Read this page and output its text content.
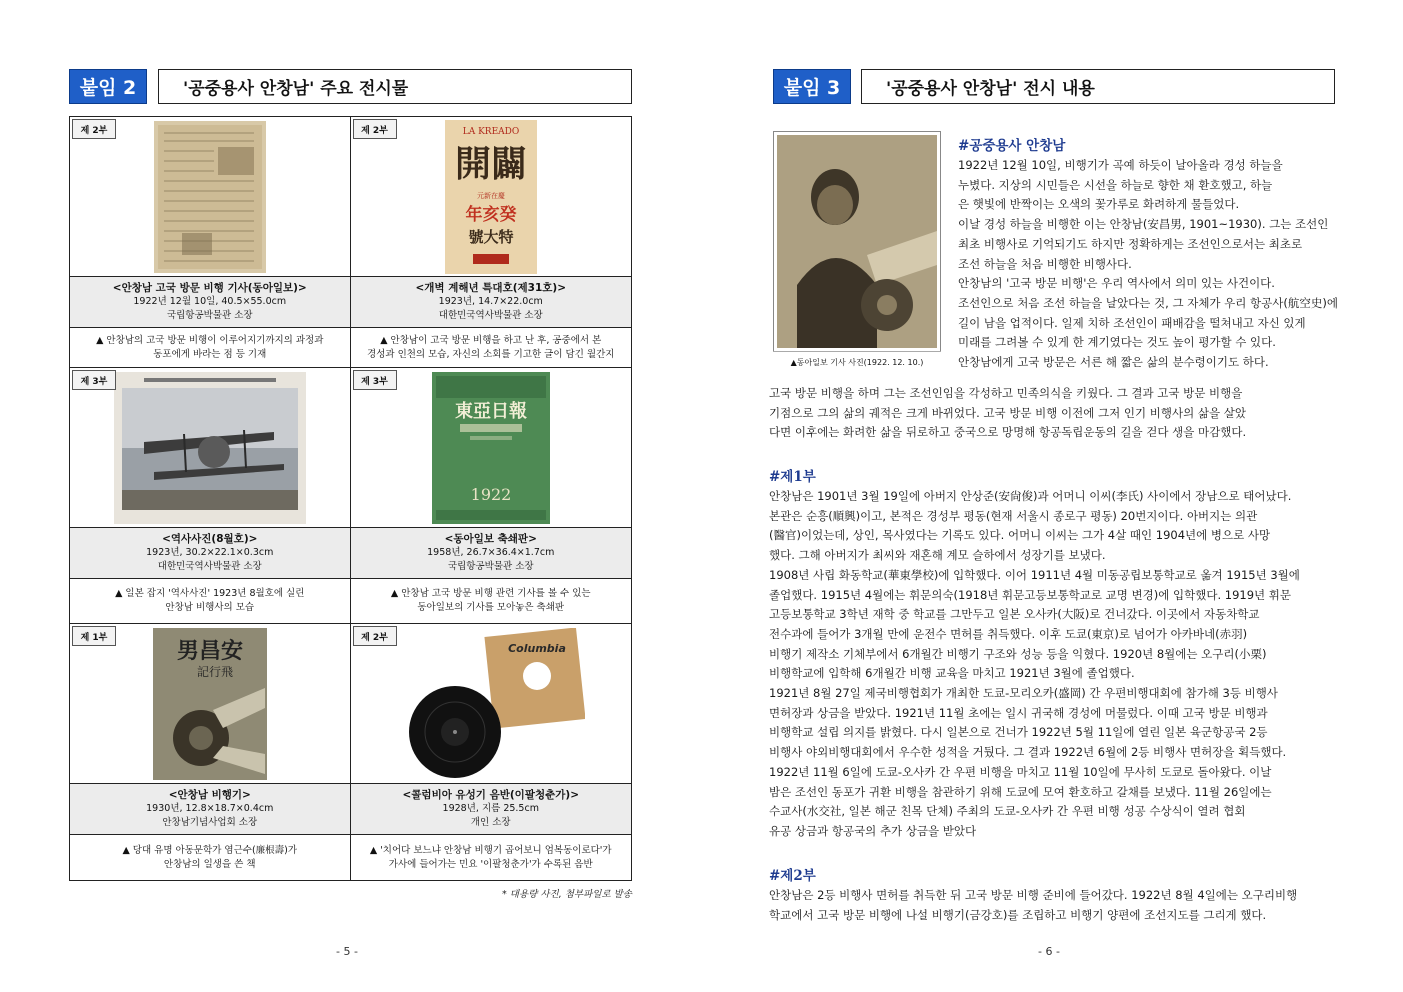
붙임 2	'공중용사 안창남' 주요 전시물
제 2부
<안창남 고국 방문 비행 기사(동아일보)>
1922년 12월 10일, 40.5×55.0cm
국립항공박물관 소장
▲ 안창남의 고국 방문 비행이 이루어지기까지의 과정과
동포에게 바라는 점 등 기재
제 2부	LA KREADO
開闢
元新在慶
年亥癸
號大特
<개벽 계해년 특대호(제31호)>
1923년, 14.7×22.0cm
대한민국역사박물관 소장
▲ 안창남이 고국 방문 비행을 하고 난 후, 공중에서 본
경성과 인천의 모습, 자신의 소회를 기고한 글이 담긴 월간지
제 3부
<역사사진(8월호)>
1923년, 30.2×22.1×0.3cm
대한민국역사박물관 소장
▲ 일본 잡지 '역사사진' 1923년 8월호에 실린
안창남 비행사의 모습
제 3부
東亞日報
1922
<동아일보 축쇄판>
1958년, 26.7×36.4×1.7cm
국립항공박물관 소장
▲ 안창남 고국 방문 비행 관련 기사를 볼 수 있는
동아일보의 기사를 모아놓은 축쇄판
제 1부	男昌安
記行飛
<안창남 비행기>
1930년, 12.8×18.7×0.4cm
안창남기념사업회 소장
▲ 당대 유명 아동문학가 염근수(廉根壽)가
안창남의 일생을 쓴 책
제 2부
Columbia
<콜럼비아 유성기 음반(이팔청춘가)>
1928년, 지름 25.5cm
개인 소장
▲ '치어다 보느냐 안창남 비행기 곱어보니 엄복동이로다'가
가사에 들어가는 민요 '이팔청춘가'가 수록된 음반
* 대용량 사진, 첨부파일로 발송
- 5 -
붙임 3	'공중용사 안창남' 전시 내용
▲동아일보 기사 사진(1922. 12. 10.)
#공중용사 안창남
1922년 12월 10일, 비행기가 곡예 하듯이 날아올라 경성 하늘을
누볐다. 지상의 시민들은 시선을 하늘로 향한 채 환호했고, 하늘
은 햇빛에 반짝이는 오색의 꽃가루로 화려하게 물들었다.
이날 경성 하늘을 비행한 이는 안창남(安昌男, 1901~1930). 그는 조선인
최초 비행사로 기억되기도 하지만 정확하게는 조선인으로서는 최초로
조선 하늘을 처음 비행한 비행사다.
안창남의 '고국 방문 비행'은 우리 역사에서 의미 있는 사건이다.
조선인으로 처음 조선 하늘을 날았다는 것, 그 자체가 우리 항공사(航空史)에
길이 남을 업적이다. 일제 치하 조선인이 패배감을 떨쳐내고 자신 있게
미래를 그려볼 수 있게 한 계기였다는 것도 높이 평가할 수 있다.
안창남에게 고국 방문은 서른 해 짧은 삶의 분수령이기도 하다.
고국 방문 비행을 하며 그는 조선인임을 각성하고 민족의식을 키웠다. 그 결과 고국 방문 비행을
기점으로 그의 삶의 궤적은 크게 바뀌었다. 고국 방문 비행 이전에 그저 인기 비행사의 삶을 살았
다면 이후에는 화려한 삶을 뒤로하고 중국으로 망명해 항공독립운동의 길을 걷다 생을 마감했다.
#제1부
안창남은 1901년 3월 19일에 아버지 안상준(安尙俊)과 어머니 이씨(李氏) 사이에서 장남으로 태어났다.
본관은 순흥(順興)이고, 본적은 경성부 평동(현재 서울시 종로구 평동) 20번지이다. 아버지는 의관
(醫官)이었는데, 상인, 목사였다는 기록도 있다. 어머니 이씨는 그가 4살 때인 1904년에 병으로 사망
했다. 그해 아버지가 최씨와 재혼해 계모 슬하에서 성장기를 보냈다.
1908년 사립 화동학교(華東學校)에 입학했다. 이어 1911년 4월 미동공립보통학교로 옮겨 1915년 3월에
졸업했다. 1915년 4월에는 휘문의숙(1918년 휘문고등보통학교로 교명 변경)에 입학했다. 1919년 휘문
고등보통학교 3학년 재학 중 학교를 그만두고 일본 오사카(大阪)로 건너갔다. 이곳에서 자동차학교
전수과에 들어가 3개월 만에 운전수 면허를 취득했다. 이후 도쿄(東京)로 넘어가 아카바네(赤羽)
비행기 제작소 기체부에서 6개월간 비행기 구조와 성능 등을 익혔다. 1920년 8월에는 오구리(小栗)
비행학교에 입학해 6개월간 비행 교육을 마치고 1921년 3월에 졸업했다.
1921년 8월 27일 제국비행협회가 개최한 도쿄-모리오카(盛岡) 간 우편비행대회에 참가해 3등 비행사
면허장과 상금을 받았다. 1921년 11월 초에는 일시 귀국해 경성에 머물렀다. 이때 고국 방문 비행과
비행학교 설립 의지를 밝혔다. 다시 일본으로 건너가 1922년 5월 11일에 열린 일본 육군항공국 2등
비행사 야외비행대회에서 우수한 성적을 거뒀다. 그 결과 1922년 6월에 2등 비행사 면허장을 획득했다.
1922년 11월 6일에 도쿄-오사카 간 우편 비행을 마치고 11월 10일에 무사히 도쿄로 돌아왔다. 이날
밤은 조선인 동포가 귀환 비행을 참관하기 위해 도쿄에 모여 환호하고 갈채를 보냈다. 11월 26일에는
수교사(水交社, 일본 해군 친목 단체) 주최의 도쿄-오사카 간 우편 비행 성공 수상식이 열려 협회
유공 상금과 항공국의 추가 상금을 받았다
#제2부
안창남은 2등 비행사 면허를 취득한 뒤 고국 방문 비행 준비에 들어갔다. 1922년 8월 4일에는 오구리비행
학교에서 고국 방문 비행에 나설 비행기(금강호)를 조립하고 비행기 양편에 조선지도를 그리게 했다.
- 6 -
